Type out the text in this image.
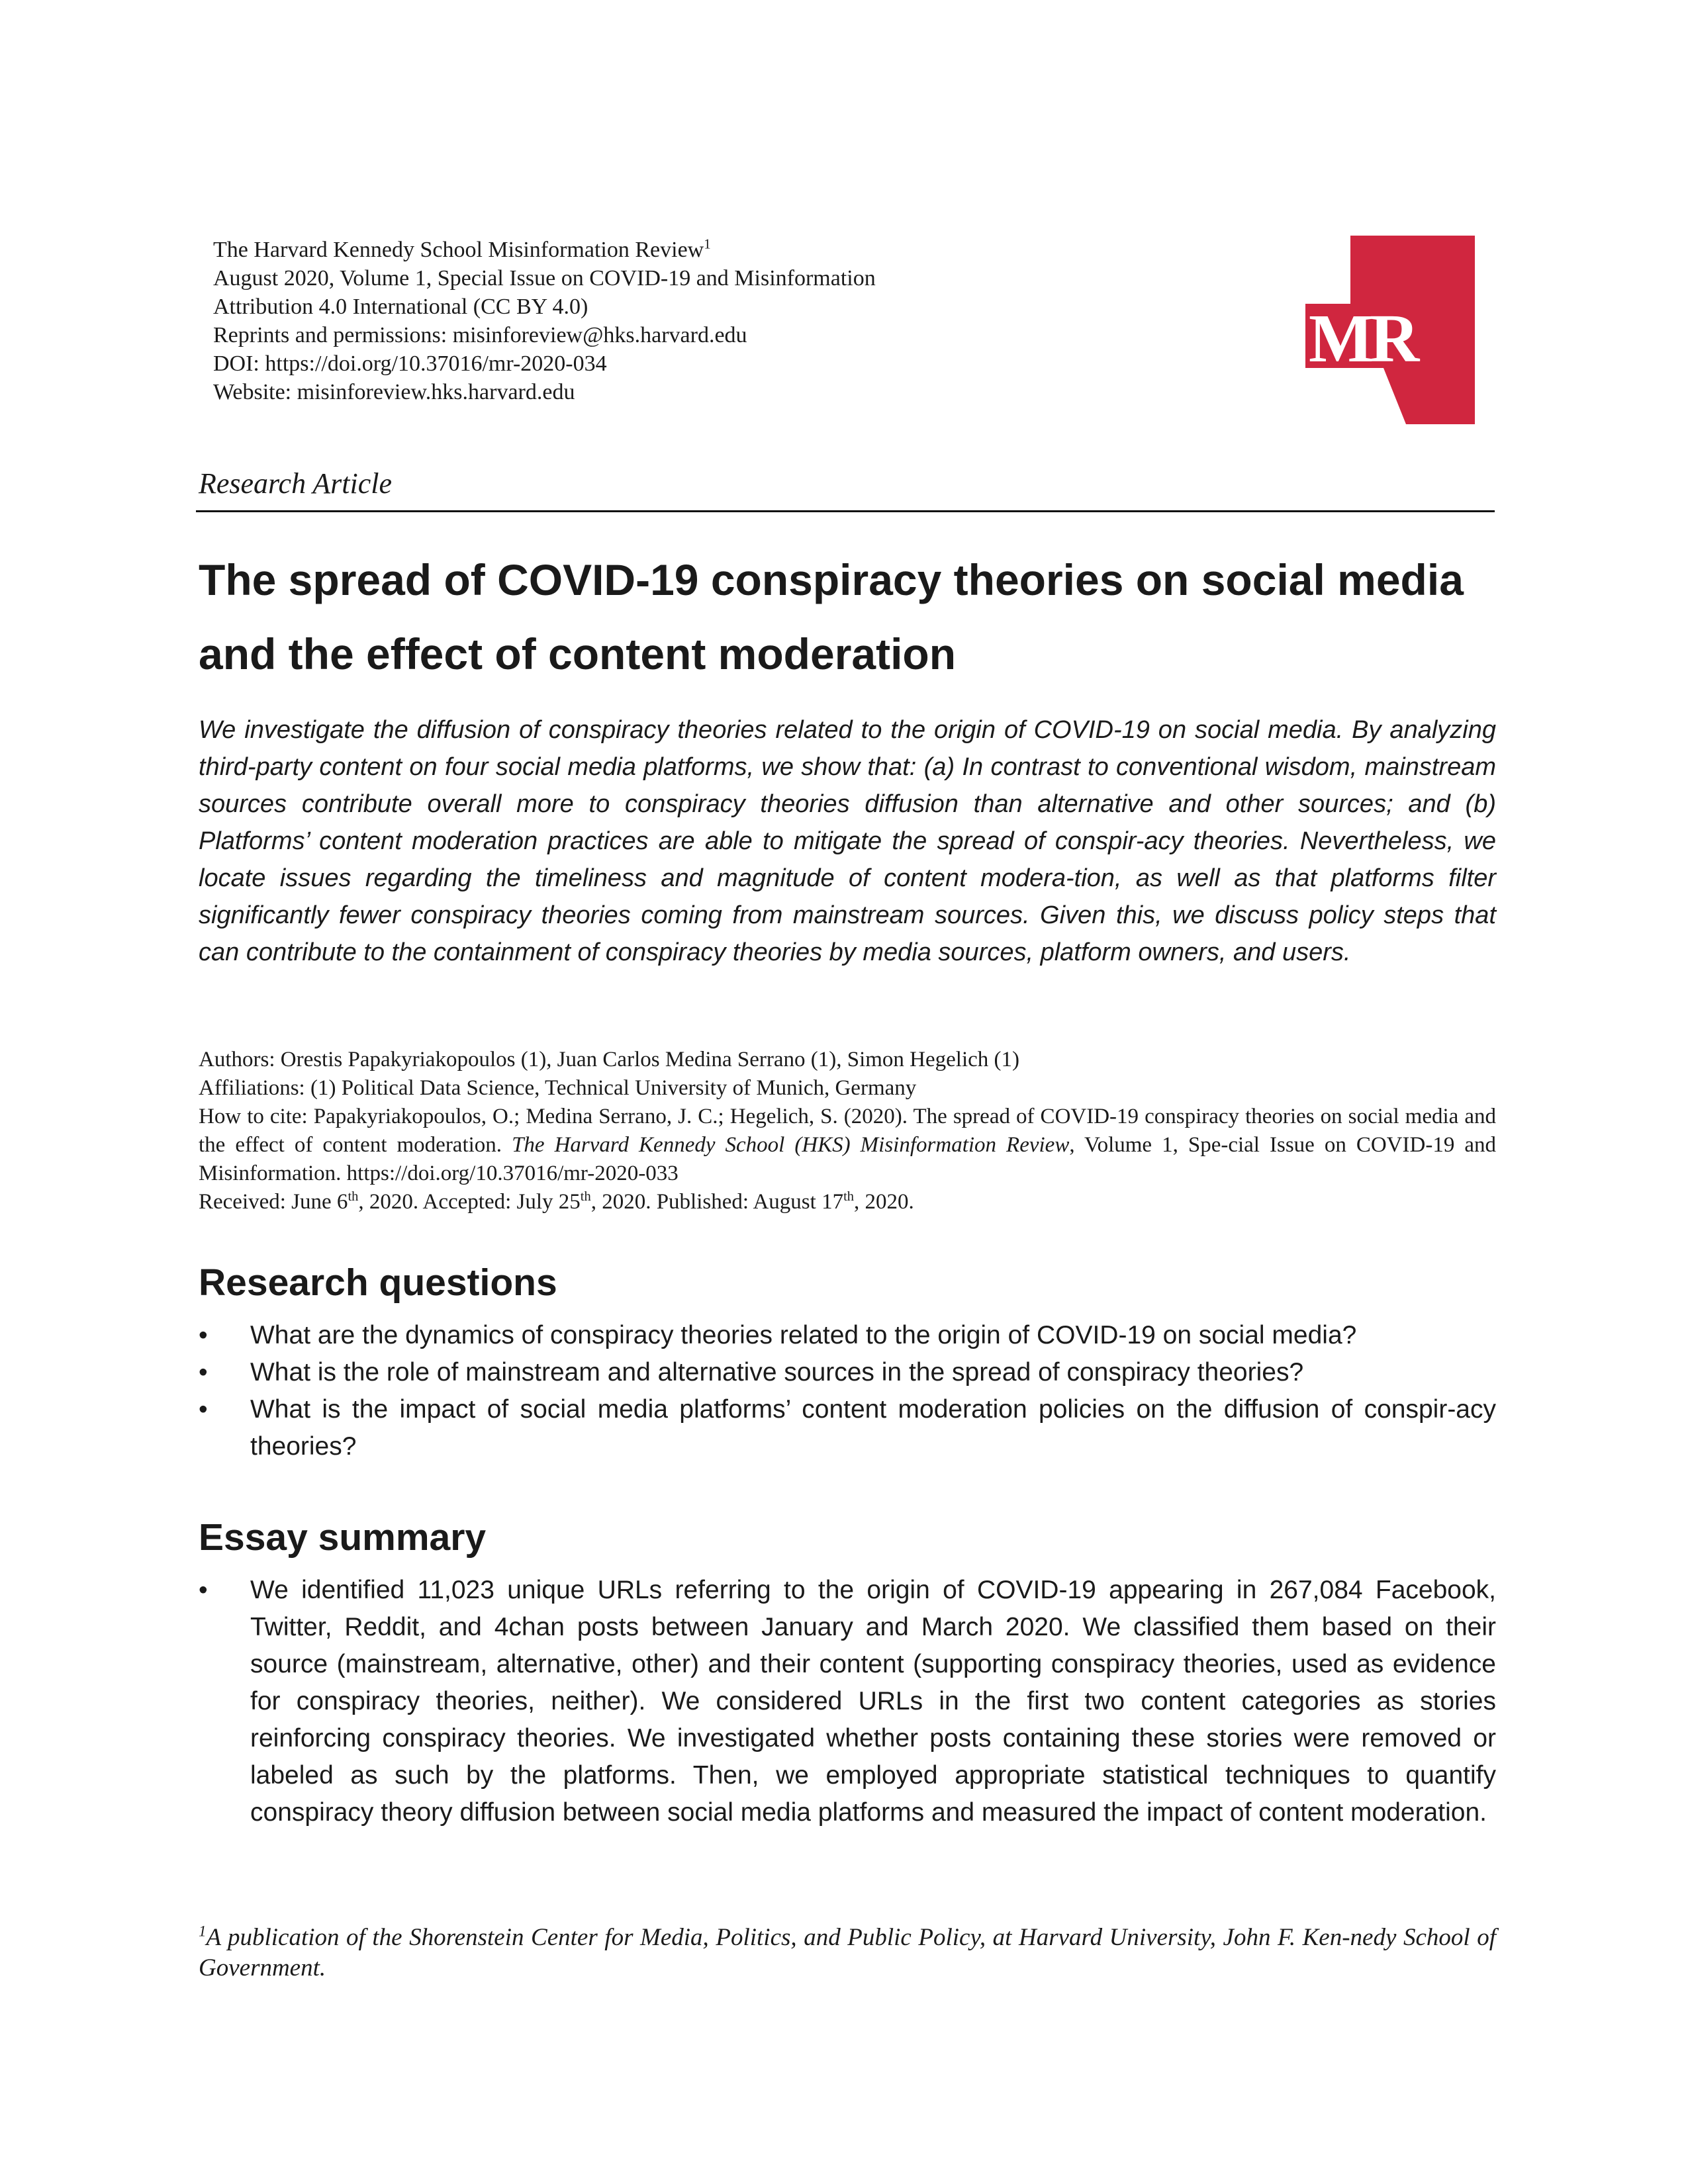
The Harvard Kennedy School Misinformation Review$^1$
August 2020, Volume 1, Special Issue on COVID-19 and Misinformation
Attribution 4.0 International (CC BY 4.0)
Reprints and permissions: misinforeview@hks.harvard.edu
DOI: https://doi.org/10.37016/mr-2020-034
Website: misinforeview.hks.harvard.edu
MR
Research Article
The spread of COVID-19 conspiracy theories on social media and the effect of content moderation

We investigate the diffusion of conspiracy theories related to the origin of COVID-19 on social media. By analyzing third-party content on four social media platforms, we show that: (a) In contrast to conventional wisdom, mainstream sources contribute overall more to conspiracy theories diffusion than alternative and other sources; and (b) Platforms’ content moderation practices are able to mitigate the spread of conspir-acy theories. Nevertheless, we locate issues regarding the timeliness and magnitude of content modera-tion, as well as that platforms filter significantly fewer conspiracy theories coming from mainstream sources. Given this, we discuss policy steps that can contribute to the containment of conspiracy theories by media sources, platform owners, and users.

Authors: Orestis Papakyriakopoulos (1), Juan Carlos Medina Serrano (1), Simon Hegelich (1)
Affiliations: (1) Political Data Science, Technical University of Munich, Germany
How to cite: Papakyriakopoulos, O.; Medina Serrano, J. C.; Hegelich, S. (2020). The spread of COVID-19 conspiracy theories on social media and the effect of content moderation. The Harvard Kennedy School (HKS) Misinformation Review, Volume 1, Spe-cial Issue on COVID-19 and Misinformation. https://doi.org/10.37016/mr-2020-033
Received: June 6th, 2020. Accepted: July 25th, 2020. Published: August 17th, 2020.
Research questions
•	What are the dynamics of conspiracy theories related to the origin of COVID-19 on social media?
•	What is the role of mainstream and alternative sources in the spread of conspiracy theories?
•	What is the impact of social media platforms’ content moderation policies on the diffusion of conspir-acy theories?
Essay summary
•	We identified 11,023 unique URLs referring to the origin of COVID-19 appearing in 267,084 Facebook, Twitter, Reddit, and 4chan posts between January and March 2020. We classified them based on their source (mainstream, alternative, other) and their content (supporting conspiracy theories, used as evidence for conspiracy theories, neither). We considered URLs in the first two content categories as stories reinforcing conspiracy theories. We investigated whether posts containing these stories were removed or labeled as such by the platforms. Then, we employed appropriate statistical techniques to quantify conspiracy theory diffusion between social media platforms and measured the impact of content moderation.
$^1$A publication of the Shorenstein Center for Media, Politics, and Public Policy, at Harvard University, John F. Ken-nedy School of Government.
